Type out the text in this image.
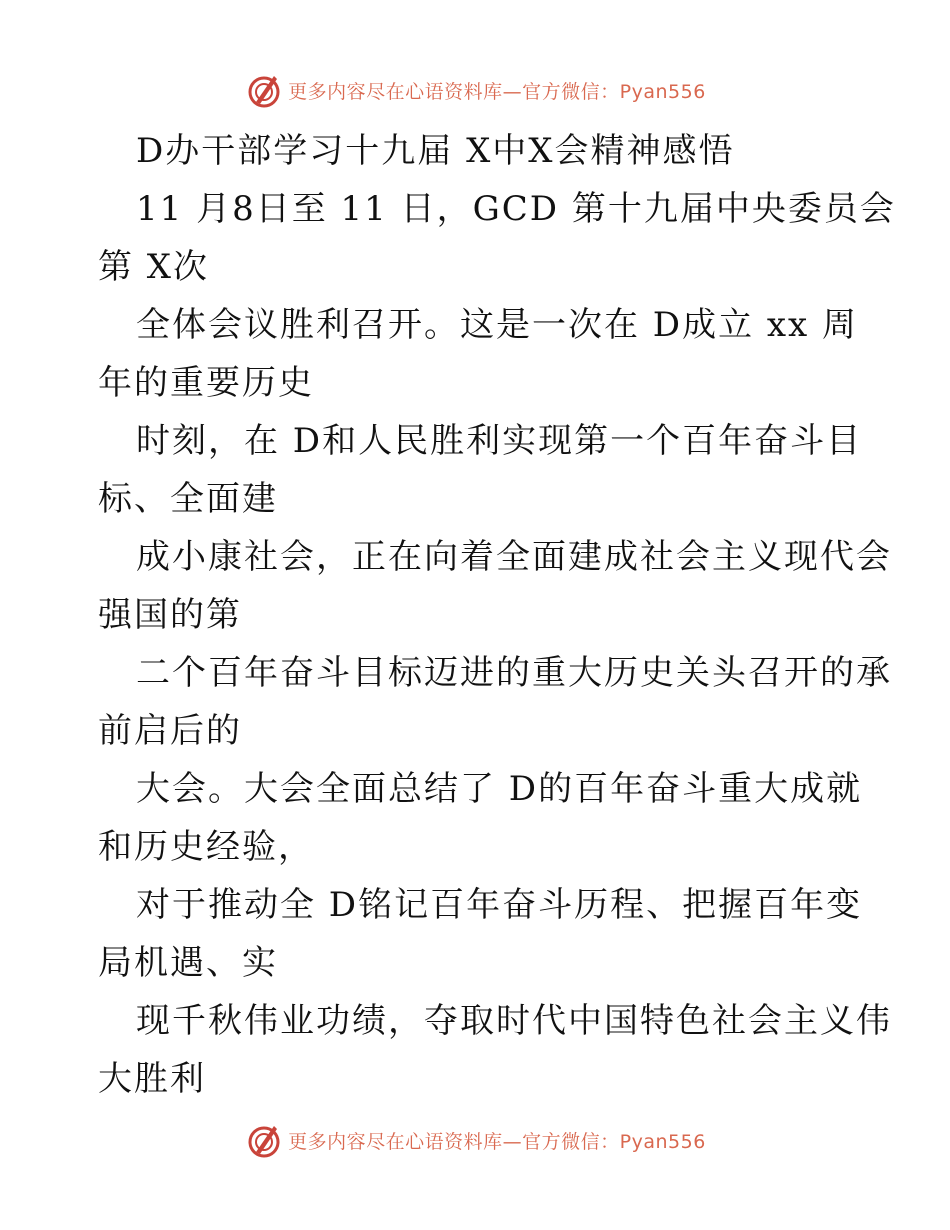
更多内容尽在心语资料库—官方微信：Pyan556
D办干部学习十九届 X中X会精神感悟
11 月8日至 11 日，GCD 第十九届中央委员会
第 X次
全体会议胜利召开。这是一次在 D成立 xx 周
年的重要历史
时刻，在 D和人民胜利实现第一个百年奋斗目
标、全面建
成小康社会，正在向着全面建成社会主义现代会
强国的第
二个百年奋斗目标迈进的重大历史关头召开的承
前启后的
大会。大会全面总结了 D的百年奋斗重大成就
和历史经验，
对于推动全 D铭记百年奋斗历程、把握百年变
局机遇、实
现千秋伟业功绩，夺取时代中国特色社会主义伟
大胜利
更多内容尽在心语资料库—官方微信：Pyan556
